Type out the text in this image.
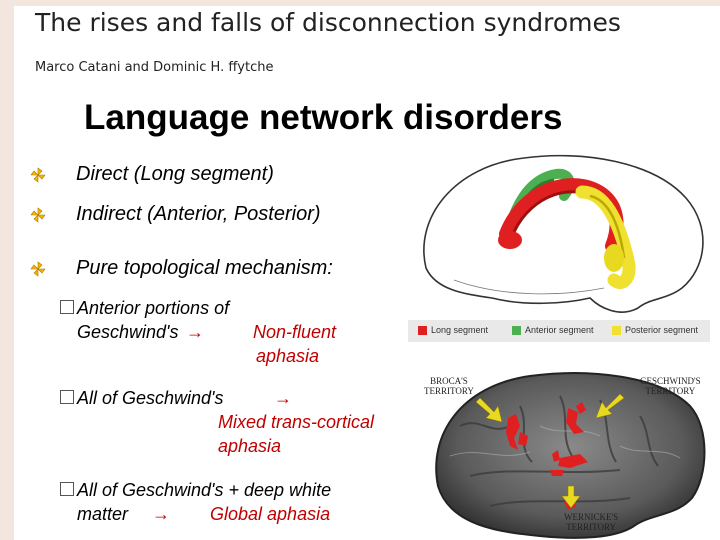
The rises and falls of disconnection syndromes
Marco Catani and Dominic H. ffytche
Language network disorders
Direct (Long segment)
Indirect (Anterior, Posterior)
Pure topological mechanism:
Anterior portions of
Geschwind's →	Non-fluent
aphasia
All of Geschwind's	→
Mixed trans-cortical
aphasia
All of Geschwind's + deep white
matter → Global aphasia
Long segment	Anterior segment	Posterior segment
BROCA'S
TERRITORY
GESCHWIND'S
TERRITORY
WERNICKE'S
TERRITORY
